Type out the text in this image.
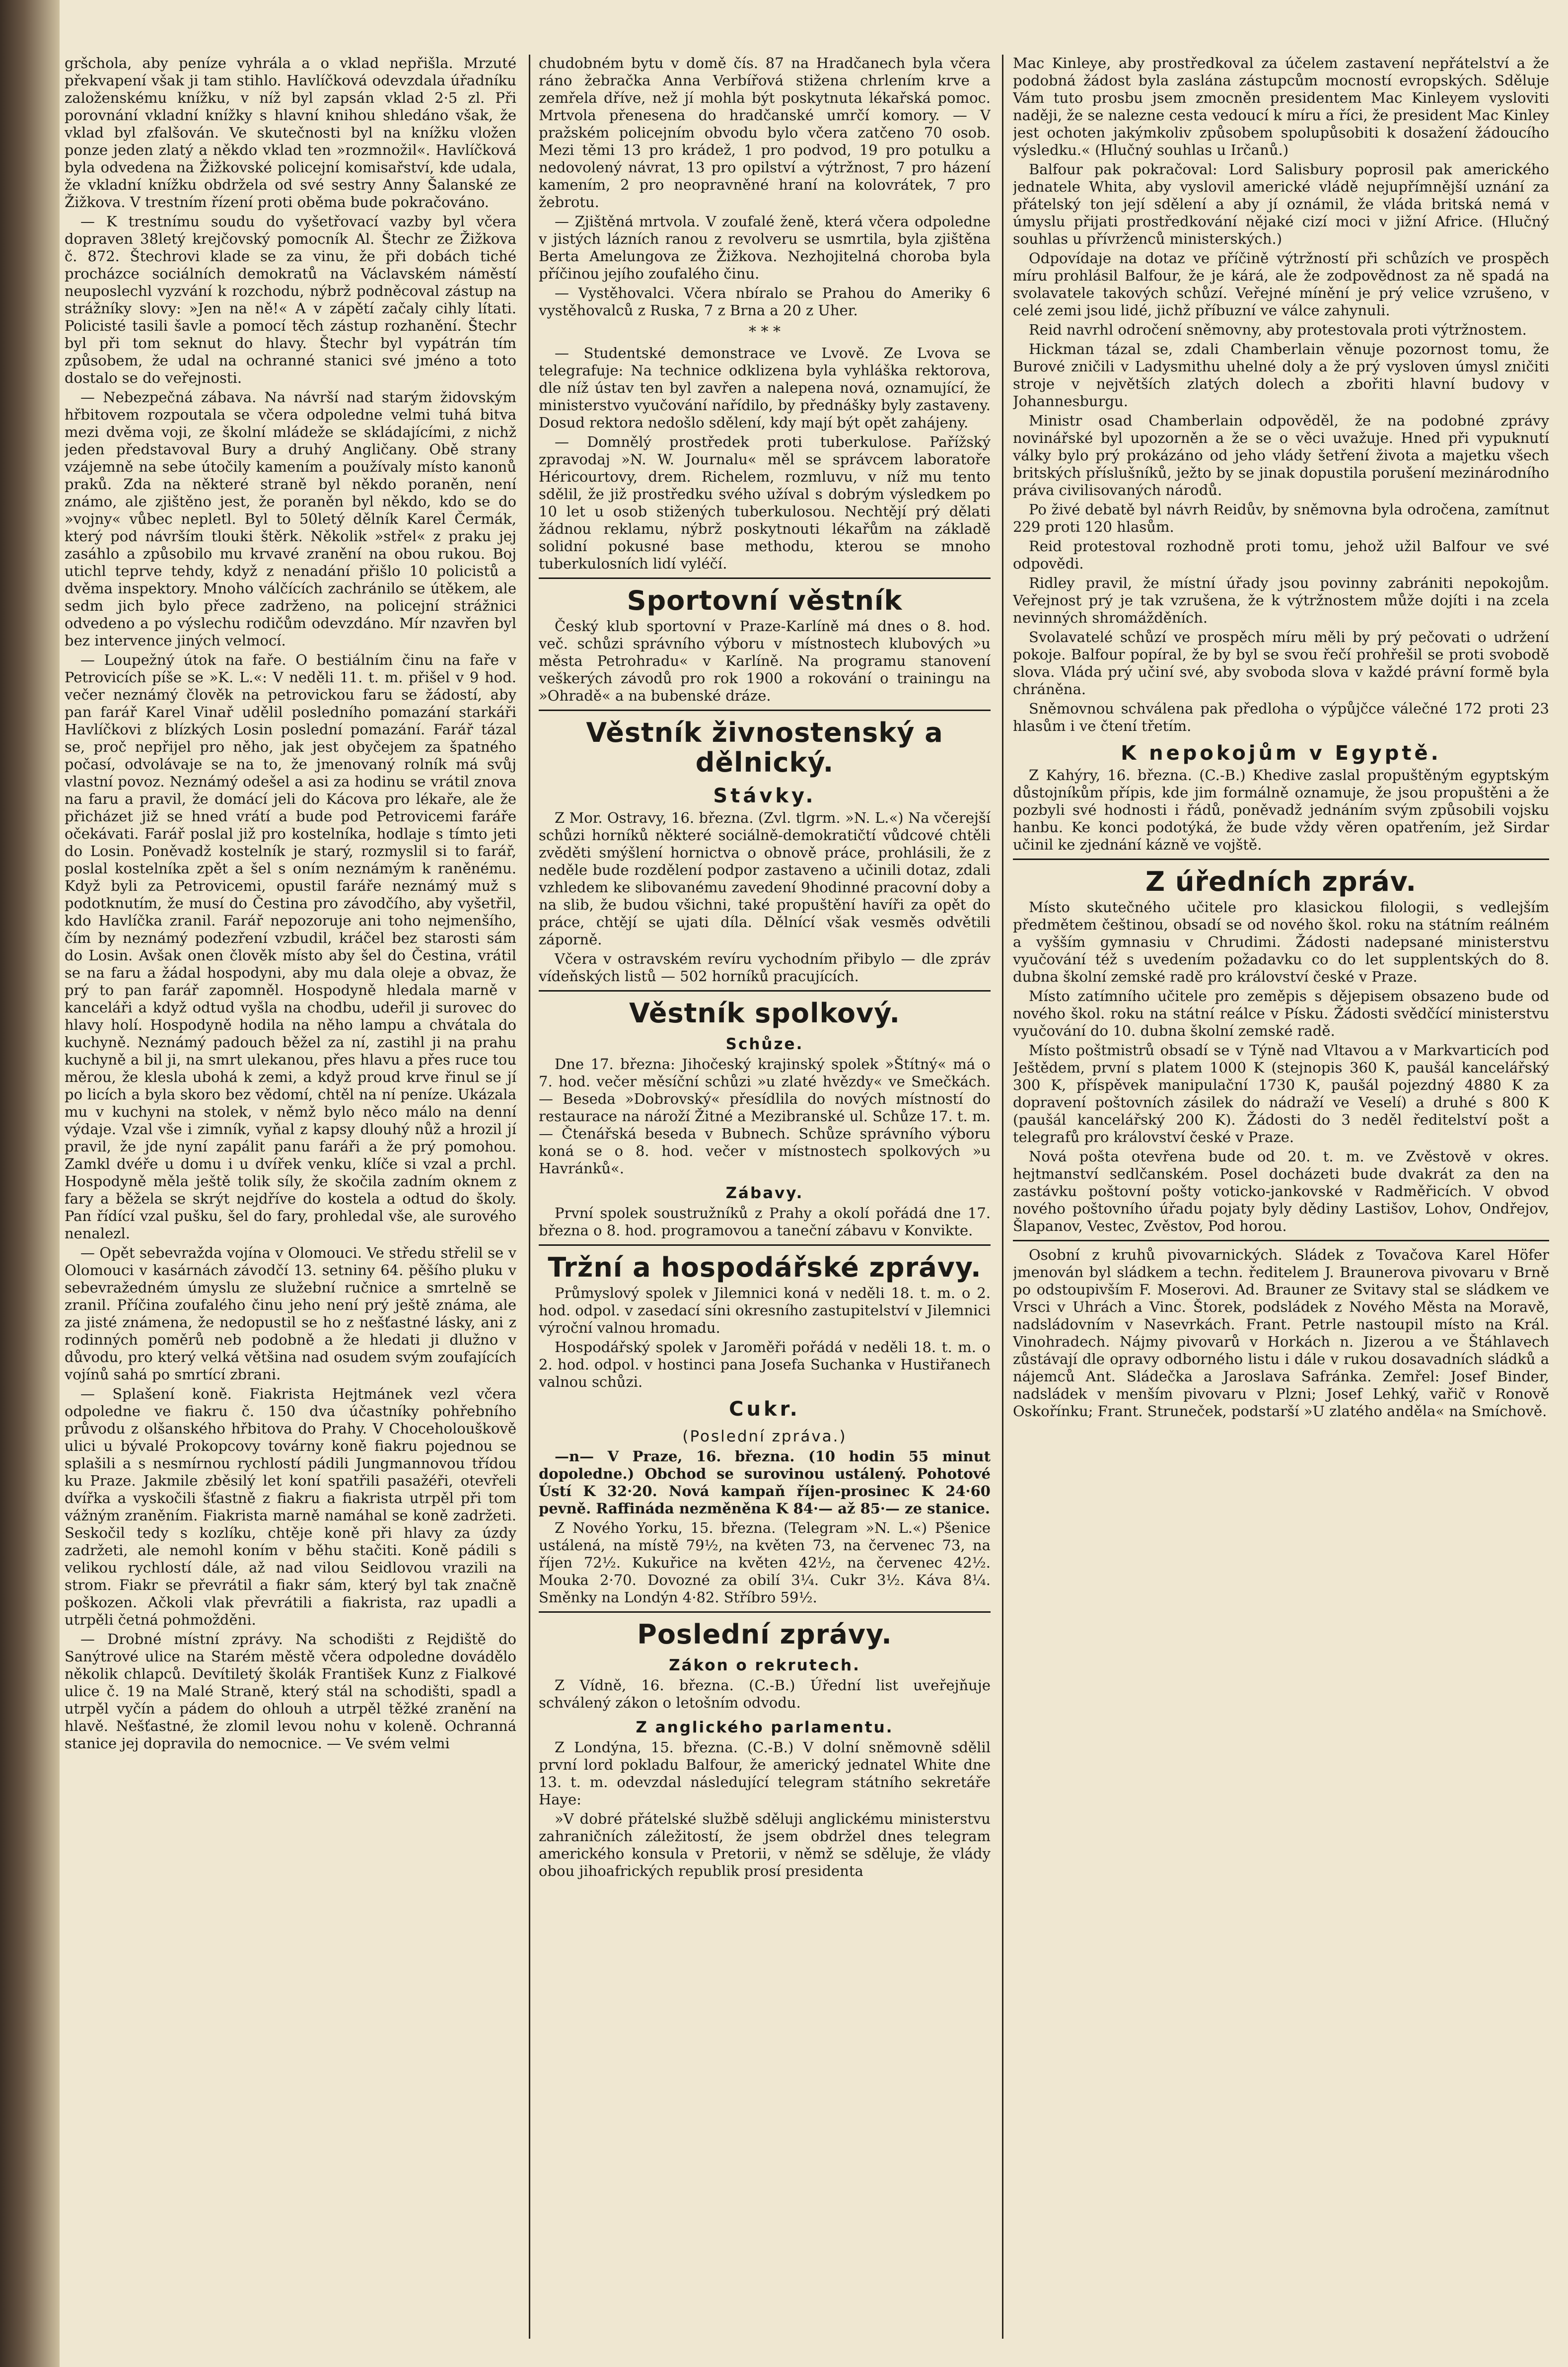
gršchola, aby peníze vyhrála a o vklad nepřišla. Mrzuté překvapení však ji tam stihlo. Havlíčková odevzdala úřadníku založenskému knížku, v níž byl zapsán vklad 2·5 zl. Při porovnání vkladní knížky s hlavní knihou shledáno však, že vklad byl zfalšován. Ve skutečnosti byl na knížku vložen ponze jeden zlatý a někdo vklad ten »rozmnožil«. Havlíčková byla odvedena na Žižkovské policejní komisařství, kde udala, že vkladní knížku obdržela od své sestry Anny Šalanské ze Žižkova. V trestním řízení proti oběma bude pokračováno.

— K trestnímu soudu do vyšetřovací vazby byl včera dopraven 38letý krejčovský pomocník Al. Štechr ze Žižkova č. 872. Štechrovi klade se za vinu, že při dobách tiché procházce sociálních demokratů na Václavském náměstí neuposlechl vyzvání k rozchodu, nýbrž podněcoval zástup na strážníky slovy: »Jen na ně!« A v zápětí začaly cihly lítati. Policisté tasili šavle a pomocí těch zástup rozhanění. Štechr byl při tom seknut do hlavy. Štechr byl vypátrán tím způsobem, že udal na ochranné stanici své jméno a toto dostalo se do veřejnosti.

— Nebezpečná zábava. Na návrší nad starým židovským hřbitovem rozpoutala se včera odpoledne velmi tuhá bitva mezi dvěma voji, ze školní mládeže se skládajícími, z nichž jeden představoval Bury a druhý Angličany. Obě strany vzájemně na sebe útočily kamením a používaly místo kanonů praků. Zda na některé straně byl někdo poraněn, není známo, ale zjištěno jest, že poraněn byl někdo, kdo se do »vojny« vůbec nepletl. Byl to 50letý dělník Karel Čermák, který pod návrším tlouki štěrk. Několik »střel« z praku jej zasáhlo a způsobilo mu krvavé zranění na obou rukou. Boj utichl teprve tehdy, když z nenadání přišlo 10 policistů a dvěma inspektory. Mnoho válčících zachránilo se útěkem, ale sedm jich bylo přece zadrženo, na policejní strážnici odvedeno a po výslechu rodičům odevzdáno. Mír nzavřen byl bez intervence jiných velmocí.

— Loupežný útok na faře. O bestiálním činu na faře v Petrovicích píše se »K. L.«: V neděli 11. t. m. přišel v 9 hod. večer neznámý člověk na petrovickou faru se žádostí, aby pan farář Karel Vinař udělil posledního pomazání starkáři Havlíčkovi z blízkých Losin poslední pomazání. Farář tázal se, proč nepřijel pro něho, jak jest obyčejem za špatného počasí, odvolávaje se na to, že jmenovaný rolník má svůj vlastní povoz. Neznámý odešel a asi za hodinu se vrátil znova na faru a pravil, že domácí jeli do Kácova pro lékaře, ale že přicházet již se hned vrátí a bude pod Petrovicemi faráře očekávati. Farář poslal již pro kostelníka, hodlaje s tímto jeti do Losin. Poněvadž kostelník je starý, rozmyslil si to farář, poslal kostelníka zpět a šel s oním neznámým k raněnému. Když byli za Petrovicemi, opustil faráře neznámý muž s podotknutím, že musí do Čestina pro závodčího, aby vyšetřil, kdo Havlíčka zranil. Farář nepozoruje ani toho nejmenšího, čím by neznámý podezření vzbudil, kráčel bez starosti sám do Losin. Avšak onen člověk místo aby šel do Čestina, vrátil se na faru a žádal hospodyni, aby mu dala oleje a obvaz, že prý to pan farář zapomněl. Hospodyně hledala marně v kanceláři a když odtud vyšla na chodbu, udeřil ji surovec do hlavy holí. Hospodyně hodila na něho lampu a chvátala do kuchyně. Neznámý padouch běžel za ní, zastihl ji na prahu kuchyně a bil ji, na smrt ulekanou, přes hlavu a přes ruce tou měrou, že klesla ubohá k zemi, a když proud krve řinul se jí po licích a byla skoro bez vědomí, chtěl na ní peníze. Ukázala mu v kuchyni na stolek, v němž bylo něco málo na denní výdaje. Vzal vše i zimník, vyňal z kapsy dlouhý nůž a hrozil jí pravil, že jde nyní zapálit panu faráři a že prý pomohou. Zamkl dvéře u domu i u dvířek venku, klíče si vzal a prchl. Hospodyně měla ještě tolik síly, že skočila zadním oknem z fary a běžela se skrýt nejdříve do kostela a odtud do školy. Pan řídící vzal pušku, šel do fary, prohledal vše, ale surového nenalezl.

— Opět sebevražda vojína v Olomouci. Ve středu střelil se v Olomouci v kasárnách závodčí 13. setniny 64. pěšího pluku v sebevražedném úmyslu ze služební ručnice a smrtelně se zranil. Příčina zoufalého činu jeho není prý ještě známa, ale za jisté známena, že nedopustil se ho z nešťastné lásky, ani z rodinných poměrů neb podobně a že hledati ji dlužno v důvodu, pro který velká většina nad osudem svým zoufajících vojínů sahá po smrtící zbrani.

— Splašení koně. Fiakrista Hejtmánek vezl včera odpoledne ve fiakru č. 150 dva účastníky pohřebního průvodu z olšanského hřbitova do Prahy. V Choceholouškově ulici u bývalé Prokopcovy továrny koně fiakru pojednou se splašili a s nesmírnou rychlostí pádili Jungmannovou třídou ku Praze. Jakmile zběsilý let koní spatřili pasažéři, otevřeli dvířka a vyskočili šťastně z fiakru a fiakrista utrpěl při tom vážným zraněním. Fiakrista marně namáhal se koně zadržeti. Seskočil tedy s kozlíku, chtěje koně při hlavy za úzdy zadržeti, ale nemohl koním v běhu stačiti. Koně pádili s velikou rychlostí dále, až nad vilou Seidlovou vrazili na strom. Fiakr se převrátil a fiakr sám, který byl tak značně poškozen. Ačkoli vlak převrátili a fiakrista, raz upadli a utrpěli četná pohmožděni.

— Drobné místní zprávy. Na schodišti z Rejdiště do Sanýtrové ulice na Starém městě včera odpoledne dovádělo několik chlapců. Devítiletý školák František Kunz z Fialkové ulice č. 19 na Malé Straně, který stál na schodišti, spadl a utrpěl vyčín a pádem do ohlouh a utrpěl těžké zranění na hlavě. Nešťastné, že zlomil levou nohu v koleně. Ochranná stanice jej dopravila do nemocnice. — Ve svém velmi

chudobném bytu v domě čís. 87 na Hradčanech byla včera ráno žebračka Anna Verbířová stižena chrlením krve a zemřela dříve, než jí mohla být poskytnuta lékařská pomoc. Mrtvola přenesena do hradčanské umrčí komory. — V pražském policejním obvodu bylo včera zatčeno 70 osob. Mezi těmi 13 pro krádež, 1 pro podvod, 19 pro potulku a nedovolený návrat, 13 pro opilství a výtržnost, 7 pro házení kamením, 2 pro neopravněné hraní na kolovrátek, 7 pro žebrotu.

— Zjištěná mrtvola. V zoufalé ženě, která včera odpoledne v jistých lázních ranou z revolveru se usmrtila, byla zjištěna Berta Amelungova ze Žižkova. Nezhojitelná choroba byla příčinou jejího zoufalého činu.

— Vystěhovalci. Včera nbíralo se Prahou do Ameriky 6 vystěhovalců z Ruska, 7 z Brna a 20 z Uher.

* * *

— Studentské demonstrace ve Lvově. Ze Lvova se telegrafuje: Na technice odklizena byla vyhláška rektorova, dle níž ústav ten byl zavřen a nalepena nová, oznamující, že ministerstvo vyučování nařídilo, by přednášky byly zastaveny. Dosud rektora nedošlo sdělení, kdy mají být opět zahájeny.

— Domnělý prostředek proti tuberkulose. Pařížský zpravodaj »N. W. Journalu« měl se správcem laboratoře Héricourtovy, drem. Richelem, rozmluvu, v níž mu tento sdělil, že již prostředku svého užíval s dobrým výsledkem po 10 let u osob stižených tuberkulosou. Nechtějí prý dělati žádnou reklamu, nýbrž poskytnouti lékařům na základě solidní pokusné base methodu, kterou se mnoho tuberkulosních lidí vyléčí.

Sportovní věstník

Český klub sportovní v Praze-Karlíně má dnes o 8. hod. več. schůzi správního výboru v místnostech klubových »u města Petrohradu« v Karlíně. Na programu stanovení veškerých závodů pro rok 1900 a rokování o trainingu na »Ohradě« a na bubenské dráze.

Věstník živnostenský a dělnický.
Stávky.

Z Mor. Ostravy, 16. března. (Zvl. tlgrm. »N. L.«) Na včerejší schůzi horníků některé sociálně-demokratičtí vůdcové chtěli zvěděti smýšlení hornictva o obnově práce, prohlásili, že z neděle bude rozdělení podpor zastaveno a učinili dotaz, zdali vzhledem ke slibovanému zavedení 9hodinné pracovní doby a na slib, že budou všichni, také propuštění havíři za opět do práce, chtějí se ujati díla. Dělnící však vesměs odvětili záporně.

Včera v ostravském revíru vychodním přibylo — dle zpráv vídeňských listů — 502 horníků pracujících.

Věstník spolkový.
Schůze.

Dne 17. března: Jihočeský krajinský spolek »Štítný« má o 7. hod. večer měsíční schůzi »u zlaté hvězdy« ve Smečkách. — Beseda »Dobrovský« přesídlila do nových místností do restaurace na nároží Žitné a Mezibranské ul. Schůze 17. t. m. — Čtenářská beseda v Bubnech. Schůze správního výboru koná se o 8. hod. večer v místnostech spolkových »u Havránků«.

Zábavy.

První spolek soustružníků z Prahy a okolí pořádá dne 17. března o 8. hod. programovou a taneční zábavu v Konvikte.

Tržní a hospodářské zprávy.

Průmyslový spolek v Jilemnici koná v neděli 18. t. m. o 2. hod. odpol. v zasedací síni okresního zastupitelství v Jilemnici výroční valnou hromadu.

Hospodářský spolek v Jaroměři pořádá v neděli 18. t. m. o 2. hod. odpol. v hostinci pana Josefa Suchanka v Hustiřanech valnou schůzi.

Cukr.
(Poslední zpráva.)

—n— V Praze, 16. března. (10 hodin 55 minut dopoledne.) Obchod se surovinou ustálený. Pohotové Ústí K 32·20. Nová kampaň říjen-prosinec K 24·60 pevně. Raffináda nezměněna K 84·— až 85·— ze stanice.

Z Nového Yorku, 15. března. (Telegram »N. L.«) Pšenice ustálená, na místě 79½, na květen 73, na červenec 73, na říjen 72½. Kukuřice na květen 42½, na červenec 42½. Mouka 2·70. Dovozné za obilí 3¼. Cukr 3½. Káva 8¼. Směnky na Londýn 4·82. Stříbro 59½.

Poslední zprávy.
Zákon o rekrutech.

Z Vídně, 16. března. (C.-B.) Úřední list uveřejňuje schválený zákon o letošním odvodu.

Z anglického parlamentu.

Z Londýna, 15. března. (C.-B.) V dolní sněmovně sdělil první lord pokladu Balfour, že americký jednatel White dne 13. t. m. odevzdal následující telegram státního sekretáře Haye:

»V dobré přátelské službě sděluji anglickému ministerstvu zahraničních záležitostí, že jsem obdržel dnes telegram amerického konsula v Pretorii, v němž se sděluje, že vlády obou jihoafrických republik prosí presidenta

Mac Kinleye, aby prostředkoval za účelem zastavení nepřátelství a že podobná žádost byla zaslána zástupcům mocností evropských. Sděluje Vám tuto prosbu jsem zmocněn presidentem Mac Kinleyem vysloviti naději, že se nalezne cesta vedoucí k míru a říci, že president Mac Kinley jest ochoten jakýmkoliv způsobem spolupůsobiti k dosažení žádoucího výsledku.« (Hlučný souhlas u Irčanů.)

Balfour pak pokračoval: Lord Salisbury poprosil pak amerického jednatele Whita, aby vyslovil americké vládě nejupřímnější uznání za přátelský ton její sdělení a aby jí oznámil, že vláda britská nemá v úmyslu přijati prostředkování nějaké cizí moci v jižní Africe. (Hlučný souhlas u přívrženců ministerských.)

Odpovídaje na dotaz ve příčině výtržností při schůzích ve prospěch míru prohlásil Balfour, že je kárá, ale že zodpovědnost za ně spadá na svolavatele takových schůzí. Veřejné mínění je prý velice vzrušeno, v celé zemi jsou lidé, jichž příbuzní ve válce zahynuli.

Reid navrhl odročení sněmovny, aby protestovala proti výtržnostem.

Hickman tázal se, zdali Chamberlain věnuje pozornost tomu, že Burové zničili v Ladysmithu uhelné doly a že prý vysloven úmysl zničiti stroje v největších zlatých dolech a zbořiti hlavní budovy v Johannesburgu.

Ministr osad Chamberlain odpověděl, že na podobné zprávy novinářské byl upozorněn a že se o věci uvažuje. Hned při vypuknutí války bylo prý prokázáno od jeho vlády šetření života a majetku všech britských příslušníků, ježto by se jinak dopustila porušení mezinárodního práva civilisovaných národů.

Po živé debatě byl návrh Reidův, by sněmovna byla odročena, zamítnut 229 proti 120 hlasům.

Reid protestoval rozhodně proti tomu, jehož užil Balfour ve své odpovědi.

Ridley pravil, že místní úřady jsou povinny zabrániti nepokojům. Veřejnost prý je tak vzrušena, že k výtržnostem může dojíti i na zcela nevinných shromážděních.

Svolavatelé schůzí ve prospěch míru měli by prý pečovati o udržení pokoje. Balfour popíral, že by byl se svou řečí prohřešil se proti svobodě slova. Vláda prý učiní své, aby svoboda slova v každé právní formě byla chráněna.

Sněmovnou schválena pak předloha o výpůjčce válečné 172 proti 23 hlasům i ve čtení třetím.

K nepokojům v Egyptě.

Z Kahýry, 16. března. (C.-B.) Khedive zaslal propuštěným egyptským důstojníkům přípis, kde jim formálně oznamuje, že jsou propuštěni a že pozbyli své hodnosti i řádů, poněvadž jednáním svým způsobili vojsku hanbu. Ke konci podotýká, že bude vždy věren opatřením, jež Sirdar učinil ke zjednání kázně ve vojště.

Z úředních zpráv.

Místo skutečného učitele pro klasickou filologii, s vedlejším předmětem češtinou, obsadí se od nového škol. roku na státním reálném a vyšším gymnasiu v Chrudimi. Žádosti nadepsané ministerstvu vyučování též s uvedením požadavku co do let supplentských do 8. dubna školní zemské radě pro království české v Praze.

Místo zatímního učitele pro zeměpis s dějepisem obsazeno bude od nového škol. roku na státní reálce v Písku. Žádosti svědčící ministerstvu vyučování do 10. dubna školní zemské radě.

Místo poštmistrů obsadí se v Týně nad Vltavou a v Markvarticích pod Ještědem, první s platem 1000 K (stejnopis 360 K, paušál kancelářský 300 K, příspěvek manipulační 1730 K, paušál pojezdný 4880 K za dopravení poštovních zásilek do nádraží ve Veselí) a druhé s 800 K (paušál kancelářský 200 K). Žádosti do 3 neděl ředitelství pošt a telegrafů pro království české v Praze.

Nová pošta otevřena bude od 20. t. m. ve Zvěstově v okres. hejtmanství sedlčanském. Posel docházeti bude dvakrát za den na zastávku poštovní pošty voticko-jankovské v Radměřicích. V obvod nového poštovního úřadu pojaty byly dědiny Lastišov, Lohov, Ondřejov, Šlapanov, Vestec, Zvěstov, Pod horou.

Osobní z kruhů pivovarnických. Sládek z Tovačova Karel Höfer jmenován byl sládkem a techn. ředitelem J. Braunerova pivovaru v Brně po odstoupivším F. Moserovi. Ad. Brauner ze Svitavy stal se sládkem ve Vrsci v Uhrách a Vinc. Štorek, podsládek z Nového Města na Moravě, nadsládovním v Nasevrkách. Frant. Petrle nastoupil místo na Král. Vinohradech. Nájmy pivovarů v Horkách n. Jizerou a ve Štáhlavech zůstávají dle opravy odborného listu i dále v rukou dosavadních sládků a nájemců Ant. Sládečka a Jaroslava Safránka. Zemřel: Josef Binder, nadsládek v menším pivovaru v Plzni; Josef Lehký, vařič v Ronově Oskořínku; Frant. Struneček, podstarší »U zlatého anděla« na Smíchově.
